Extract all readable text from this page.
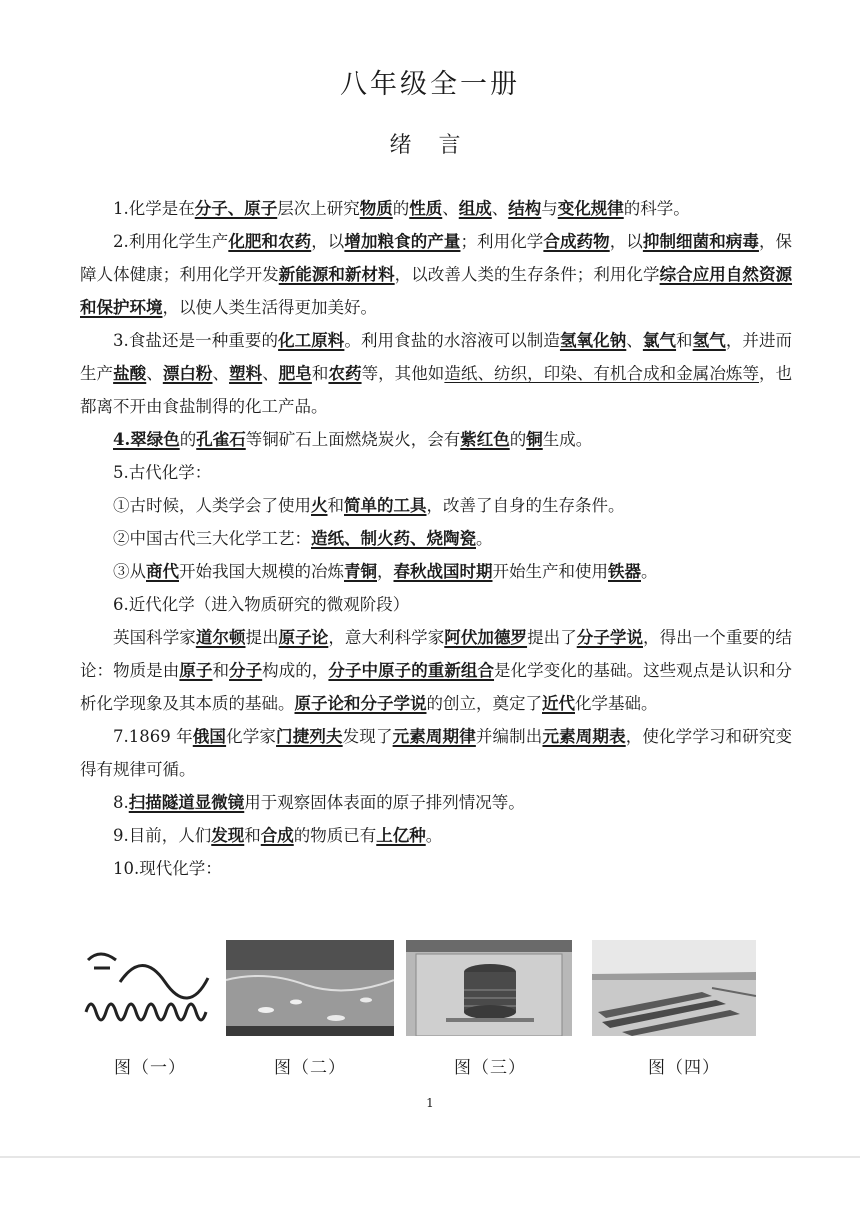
八年级全一册
绪 言

1.化学是在分子、原子层次上研究物质的性质、组成、结构与变化规律的科学。

2.利用化学生产化肥和农药，以增加粮食的产量；利用化学合成药物，以抑制细菌和病毒，保障人体健康；利用化学开发新能源和新材料，以改善人类的生存条件；利用化学综合应用自然资源和保护环境，以使人类生活得更加美好。

3.食盐还是一种重要的化工原料。利用食盐的水溶液可以制造氢氧化钠、氯气和氢气，并进而生产盐酸、漂白粉、塑料、肥皂和农药等，其他如造纸、纺织，印染、有机合成和金属冶炼等，也都离不开由食盐制得的化工产品。

4.翠绿色的孔雀石等铜矿石上面燃烧炭火，会有紫红色的铜生成。

5.古代化学：

①古时候，人类学会了使用火和简单的工具，改善了自身的生存条件。

②中国古代三大化学工艺：造纸、制火药、烧陶瓷。

③从商代开始我国大规模的冶炼青铜，春秋战国时期开始生产和使用铁器。

6.近代化学（进入物质研究的微观阶段）

英国科学家道尔顿提出原子论，意大利科学家阿伏加德罗提出了分子学说，得出一个重要的结论：物质是由原子和分子构成的，分子中原子的重新组合是化学变化的基础。这些观点是认识和分析化学现象及其本质的基础。原子论和分子学说的创立，奠定了近代化学基础。

7.1869 年俄国化学家门捷列夫发现了元素周期律并编制出元素周期表，使化学学习和研究变得有规律可循。

8.扫描隧道显微镜用于观察固体表面的原子排列情况等。

9.目前，人们发现和合成的物质已有上亿种。

10.现代化学：

图（一）	图（二）	图（三）	图（四）
1
